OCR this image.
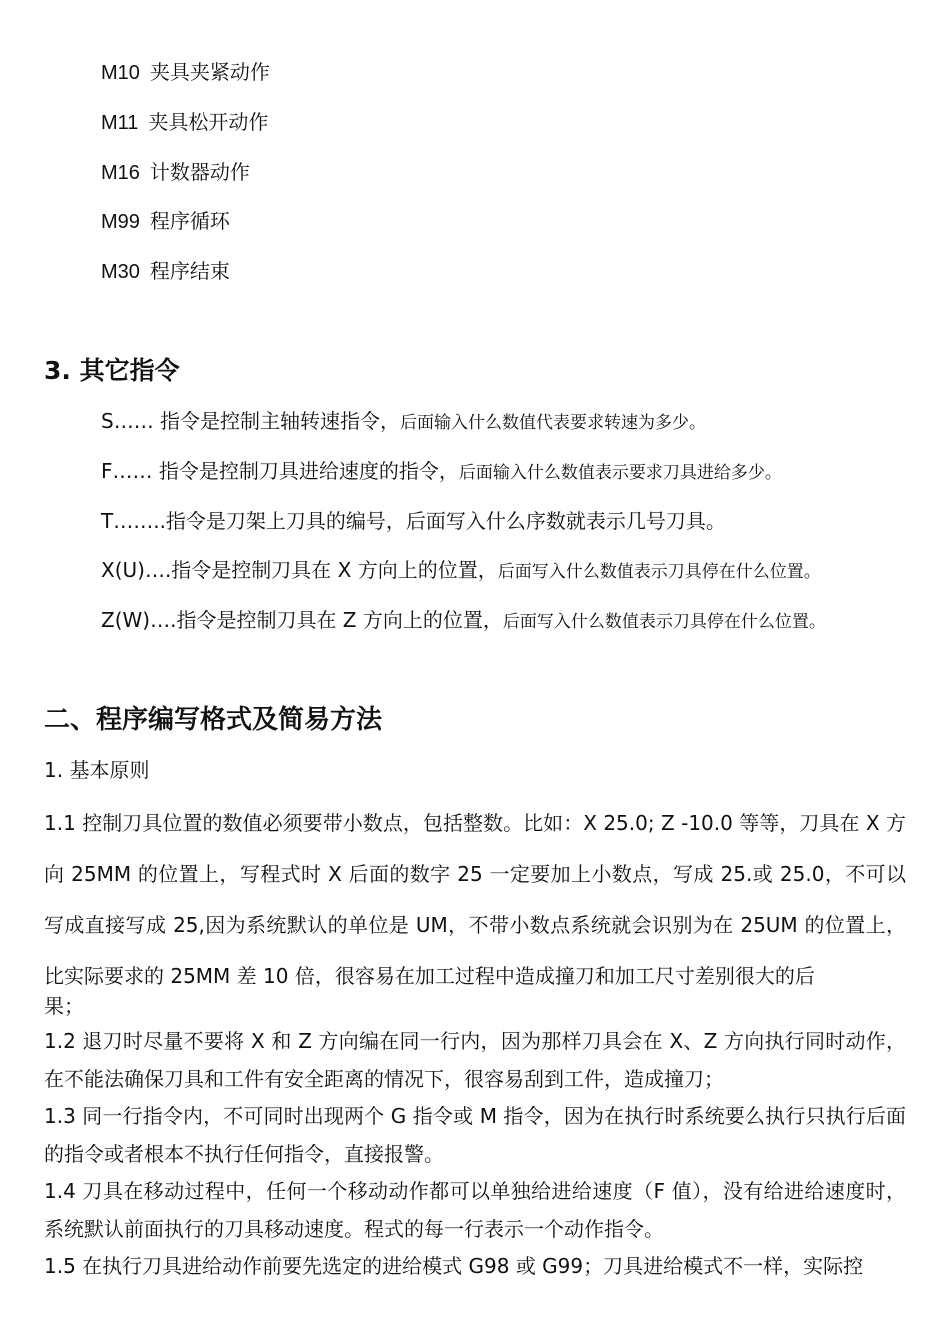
M10 夹具夹紧动作
M11 夹具松开动作
M16 计数器动作
M99 程序循环
M30 程序结束
3. 其它指令
S…… 指令是控制主轴转速指令，后面输入什么数值代表要求转速为多少。
F…… 指令是控制刀具进给速度的指令，后面输入什么数值表示要求刀具进给多少。
T……..指令是刀架上刀具的编号，后面写入什么序数就表示几号刀具。
X(U)….指令是控制刀具在 X 方向上的位置，后面写入什么数值表示刀具停在什么位置。
Z(W)….指令是控制刀具在 Z 方向上的位置，后面写入什么数值表示刀具停在什么位置。
二、程序编写格式及简易方法
1. 基本原则
1.1 控制刀具位置的数值必须要带小数点，包括整数。比如：X 25.0; Z -10.0 等等，刀具在 X 方向 25MM 的位置上，写程式时 X 后面的数字 25 一定要加上小数点，写成 25.或 25.0，不可以写成直接写成 25,因为系统默认的单位是 UM，不带小数点系统就会识别为在 25UM 的位置上，比实际要求的 25MM 差 10 倍，很容易在加工过程中造成撞刀和加工尺寸差别很大的后
果；
1.2 退刀时尽量不要将 X 和 Z 方向编在同一行内，因为那样刀具会在 X、Z 方向执行同时动作，在不能法确保刀具和工件有安全距离的情况下，很容易刮到工件，造成撞刀；
1.3 同一行指令内，不可同时出现两个 G 指令或 M 指令，因为在执行时系统要么执行只执行后面的指令或者根本不执行任何指令，直接报警。
1.4 刀具在移动过程中，任何一个移动动作都可以单独给进给速度（F 值），没有给进给速度时，系统默认前面执行的刀具移动速度。程式的每一行表示一个动作指令。
1.5 在执行刀具进给动作前要先选定的进给模式 G98 或 G99；刀具进给模式不一样，实际控
